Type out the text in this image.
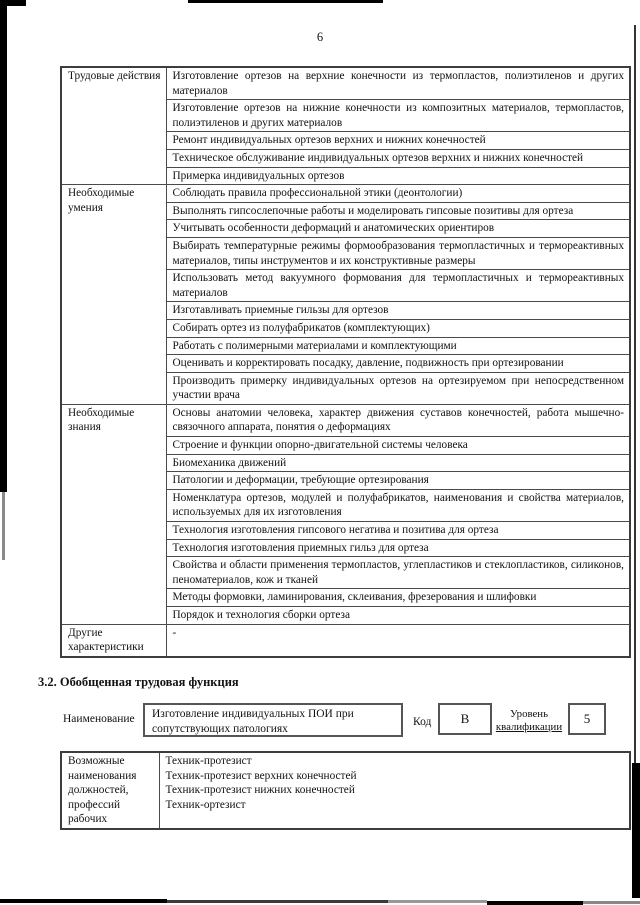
6
Трудовые действия	Изготовление ортезов на верхние конечности из термопластов, полиэтиленов и других материалов
	Изготовление ортезов на нижние конечности из композитных материалов, термопластов, полиэтиленов и других материалов
	Ремонт индивидуальных ортезов верхних и нижних конечностей
	Техническое обслуживание индивидуальных ортезов верхних и нижних конечностей
	Примерка индивидуальных ортезов
Необходимые умения	Соблюдать правила профессиональной этики (деонтологии)
	Выполнять гипсослепочные работы и моделировать гипсовые позитивы для ортеза
	Учитывать особенности деформаций и анатомических ориентиров
	Выбирать температурные режимы формообразования термопластичных и термореактивных материалов, типы инструментов и их конструктивные размеры
	Использовать метод вакуумного формования для термопластичных и термореактивных материалов
	Изготавливать приемные гильзы для ортезов
	Собирать ортез из полуфабрикатов (комплектующих)
	Работать с полимерными материалами и комплектующими
	Оценивать и корректировать посадку, давление, подвижность при ортезировании
	Производить примерку индивидуальных ортезов на ортезируемом при непосредственном участии врача
Необходимые знания	Основы анатомии человека, характер движения суставов конечностей, работа мышечно-связочного аппарата, понятия о деформациях
	Строение и функции опорно-двигательной системы человека
	Биомеханика движений
	Патологии и деформации, требующие ортезирования
	Номенклатура ортезов, модулей и полуфабрикатов, наименования и свойства материалов, используемых для их изготовления
	Технология изготовления гипсового негатива и позитива для ортеза
	Технология изготовления приемных гильз для ортеза
	Свойства и области применения термопластов, углепластиков и стеклопластиков, силиконов, пеноматериалов, кож и тканей
	Методы формовки, ламинирования, склеивания, фрезерования и шлифовки
	Порядок и технология сборки ортеза
Другие характеристики	-
3.2. Обобщенная трудовая функция
Наименование	Изготовление индивидуальных ПОИ при сопутствующих патологиях
Код	В	Уровень
квалификации
5
Возможные наименования должностей, профессий рабочих	
Техник-протезист
Техник-протезист верхних конечностей
Техник-протезист нижних конечностей
Техник-ортезист
